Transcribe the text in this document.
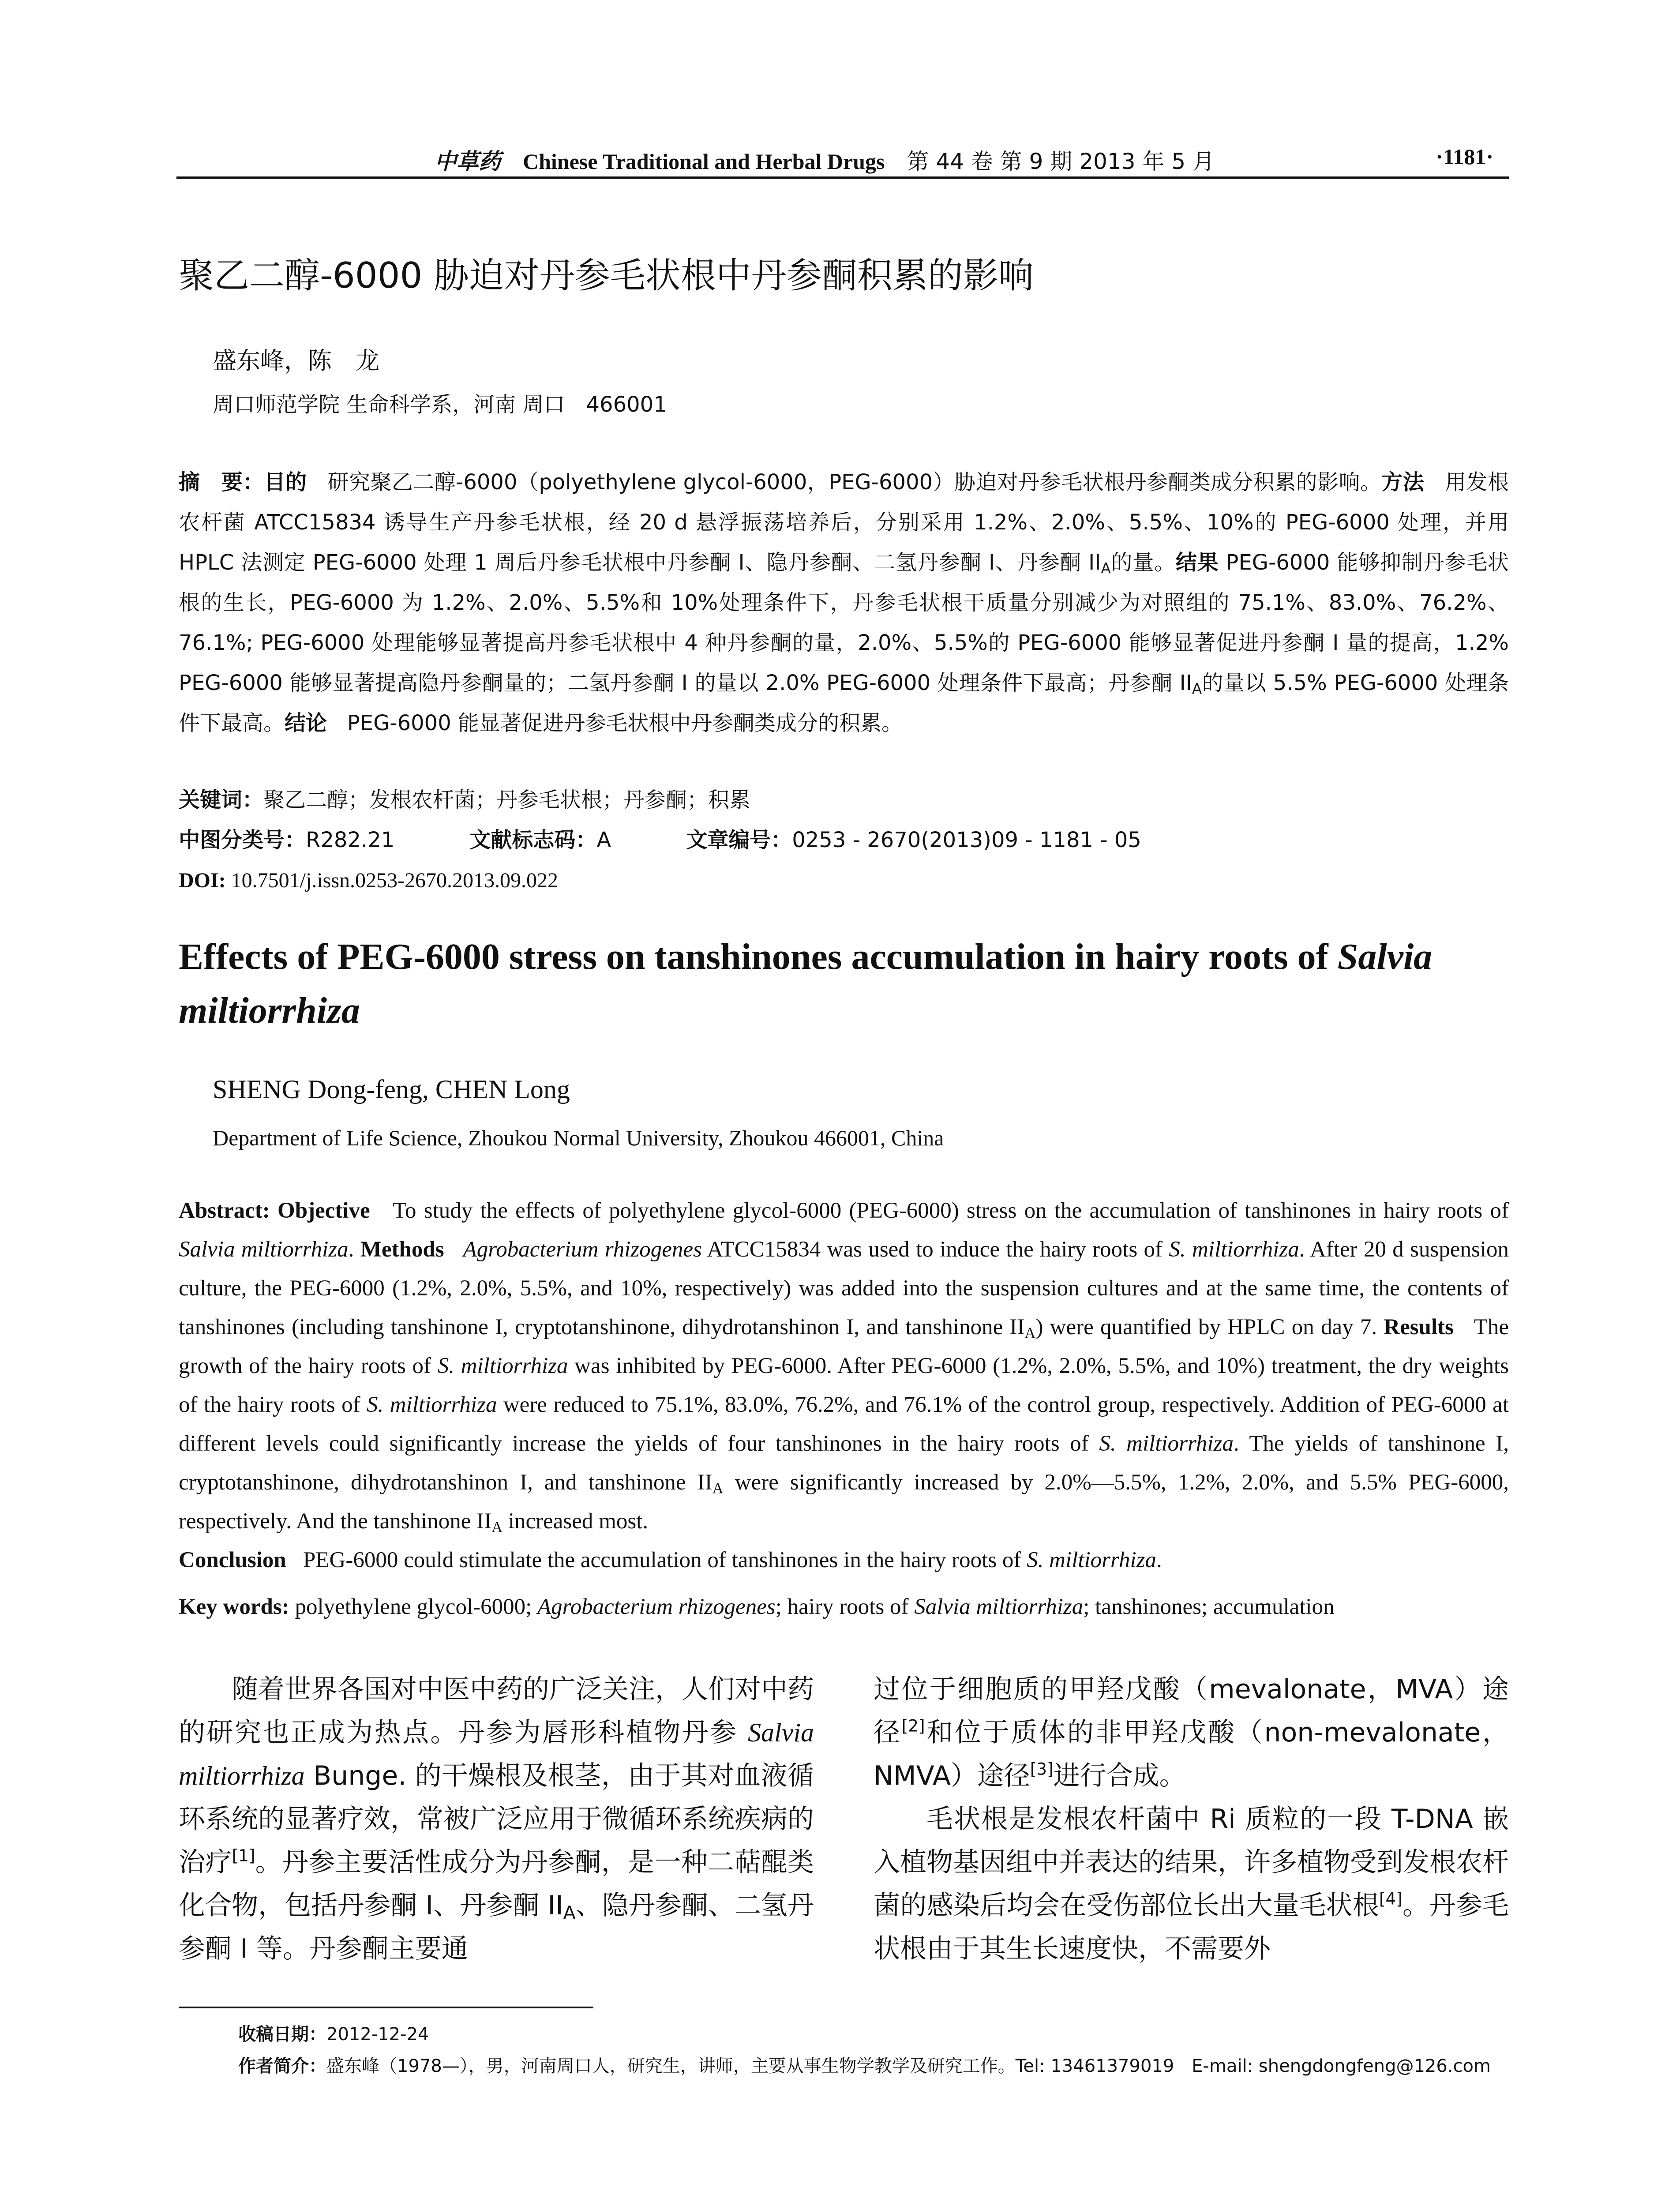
中草药 Chinese Traditional and Herbal Drugs 第 44 卷 第 9 期 2013 年 5 月	·1181·
聚乙二醇-6000 胁迫对丹参毛状根中丹参酮积累的影响
盛东峰，陈　龙
周口师范学院 生命科学系，河南 周口　466001

摘　要：目的 研究聚乙二醇-6000（polyethylene glycol-6000，PEG-6000）胁迫对丹参毛状根丹参酮类成分积累的影响。方法 用发根农杆菌 ATCC15834 诱导生产丹参毛状根，经 20 d 悬浮振荡培养后，分别采用 1.2%、2.0%、5.5%、10%的 PEG-6000 处理，并用 HPLC 法测定 PEG-6000 处理 1 周后丹参毛状根中丹参酮 I、隐丹参酮、二氢丹参酮 I、丹参酮 $II_A$的量。结果 PEG-6000 能够抑制丹参毛状根的生长，PEG-6000 为 1.2%、2.0%、5.5%和 10%处理条件下，丹参毛状根干质量分别减少为对照组的 75.1%、83.0%、76.2%、76.1%; PEG-6000 处理能够显著提高丹参毛状根中 4 种丹参酮的量，2.0%、5.5%的 PEG-6000 能够显著促进丹参酮 I 量的提高，1.2% PEG-6000 能够显著提高隐丹参酮量的；二氢丹参酮 I 的量以 2.0% PEG-6000 处理条件下最高；丹参酮 $II_A$的量以 5.5% PEG-6000 处理条件下最高。结论 PEG-6000 能显著促进丹参毛状根中丹参酮类成分的积累。

关键词：聚乙二醇；发根农杆菌；丹参毛状根；丹参酮；积累
中图分类号：R282.21	文献标志码：A	文章编号：0253 - 2670(2013)09 - 1181 - 05
DOI: 10.7501/j.issn.0253-2670.2013.09.022
Effects of PEG-6000 stress on tanshinones accumulation in hairy roots of Salvia miltiorrhiza
SHENG Dong-feng, CHEN Long
Department of Life Science, Zhoukou Normal University, Zhoukou 466001, China

Abstract: Objective To study the effects of polyethylene glycol-6000 (PEG-6000) stress on the accumulation of tanshinones in hairy roots of Salvia miltiorrhiza. Methods Agrobacterium rhizogenes ATCC15834 was used to induce the hairy roots of S. miltiorrhiza. After 20 d suspension culture, the PEG-6000 (1.2%, 2.0%, 5.5%, and 10%, respectively) was added into the suspension cultures and at the same time, the contents of tanshinones (including tanshinone I, cryptotanshinone, dihydrotanshinon I, and tanshinone $II_A$) were quantified by HPLC on day 7. Results The growth of the hairy roots of S. miltiorrhiza was inhibited by PEG-6000. After PEG-6000 (1.2%, 2.0%, 5.5%, and 10%) treatment, the dry weights of the hairy roots of S. miltiorrhiza were reduced to 75.1%, 83.0%, 76.2%, and 76.1% of the control group, respectively. Addition of PEG-6000 at different levels could significantly increase the yields of four tanshinones in the hairy roots of S. miltiorrhiza. The yields of tanshinone I, cryptotanshinone, dihydrotanshinon I, and tanshinone $II_A$ were significantly increased by 2.0%—5.5%, 1.2%, 2.0%, and 5.5% PEG-6000, respectively. And the tanshinone $II_A$ increased most.
Conclusion PEG-6000 could stimulate the accumulation of tanshinones in the hairy roots of S. miltiorrhiza.

Key words: polyethylene glycol-6000; Agrobacterium rhizogenes; hairy roots of Salvia miltiorrhiza; tanshinones; accumulation

随着世界各国对中医中药的广泛关注，人们对中药的研究也正成为热点。丹参为唇形科植物丹参 Salvia miltiorrhiza Bunge. 的干燥根及根茎，由于其对血液循环系统的显著疗效，常被广泛应用于微循环系统疾病的治疗[1]。丹参主要活性成分为丹参酮，是一种二萜醌类化合物，包括丹参酮 I、丹参酮 $II_A$、隐丹参酮、二氢丹参酮 I 等。丹参酮主要通

过位于细胞质的甲羟戊酸（mevalonate，MVA）途径[2]和位于质体的非甲羟戊酸（non-mevalonate，NMVA）途径[3]进行合成。

毛状根是发根农杆菌中 Ri 质粒的一段 T-DNA 嵌入植物基因组中并表达的结果，许多植物受到发根农杆菌的感染后均会在受伤部位长出大量毛状根[4]。丹参毛状根由于其生长速度快，不需要外

收稿日期：2012-12-24
作者简介：盛东峰（1978—），男，河南周口人，研究生，讲师，主要从事生物学教学及研究工作。Tel: 13461379019　E-mail: shengdongfeng@126.com
